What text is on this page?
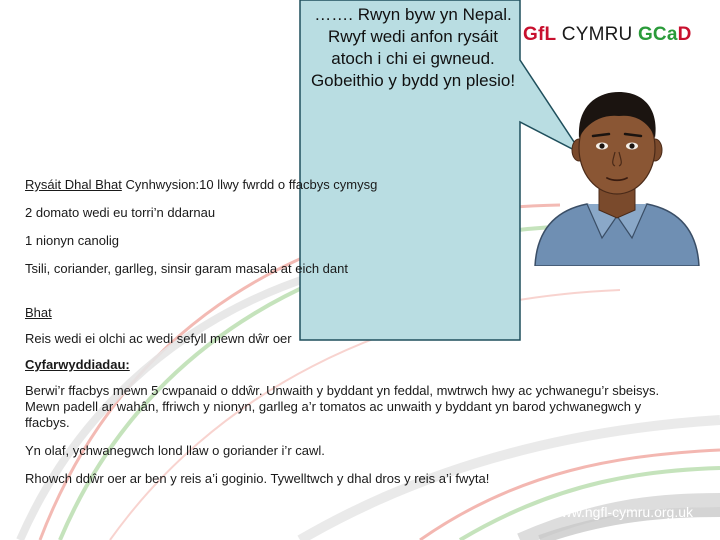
GfL CYMRU GCaD
……. Rwyn byw yn Nepal. Rwyf wedi anfon rysáit atoch i chi ei gwneud. Gobeithio y bydd yn plesio!

Rysáit Dhal Bhat Cynhwysion:10 llwy fwrdd o ffacbys cymysg

2 domato wedi eu torri’n ddarnau

1 nionyn canolig

Tsili, coriander, garlleg, sinsir garam masala at eich dant

Bhat

Reis wedi ei olchi ac wedi sefyll mewn dŵr oer

Cyfarwyddiadau:

Berwi’r ffacbys mewn 5 cwpanaid o ddŵr. Unwaith y byddant yn feddal, mwtrwch hwy ac ychwanegu’r sbeisys. Mewn padell ar wahân, ffriwch y nionyn, garlleg a’r tomatos ac unwaith y byddant yn barod ychwanegwch y ffacbys.

Yn olaf, ychwanegwch lond llaw o goriander i’r cawl.

Rhowch ddŵr oer ar ben y reis a’i goginio. Tywelltwch y dhal dros y reis a’i fwyta!

www.ngfl-cymru.org.uk
